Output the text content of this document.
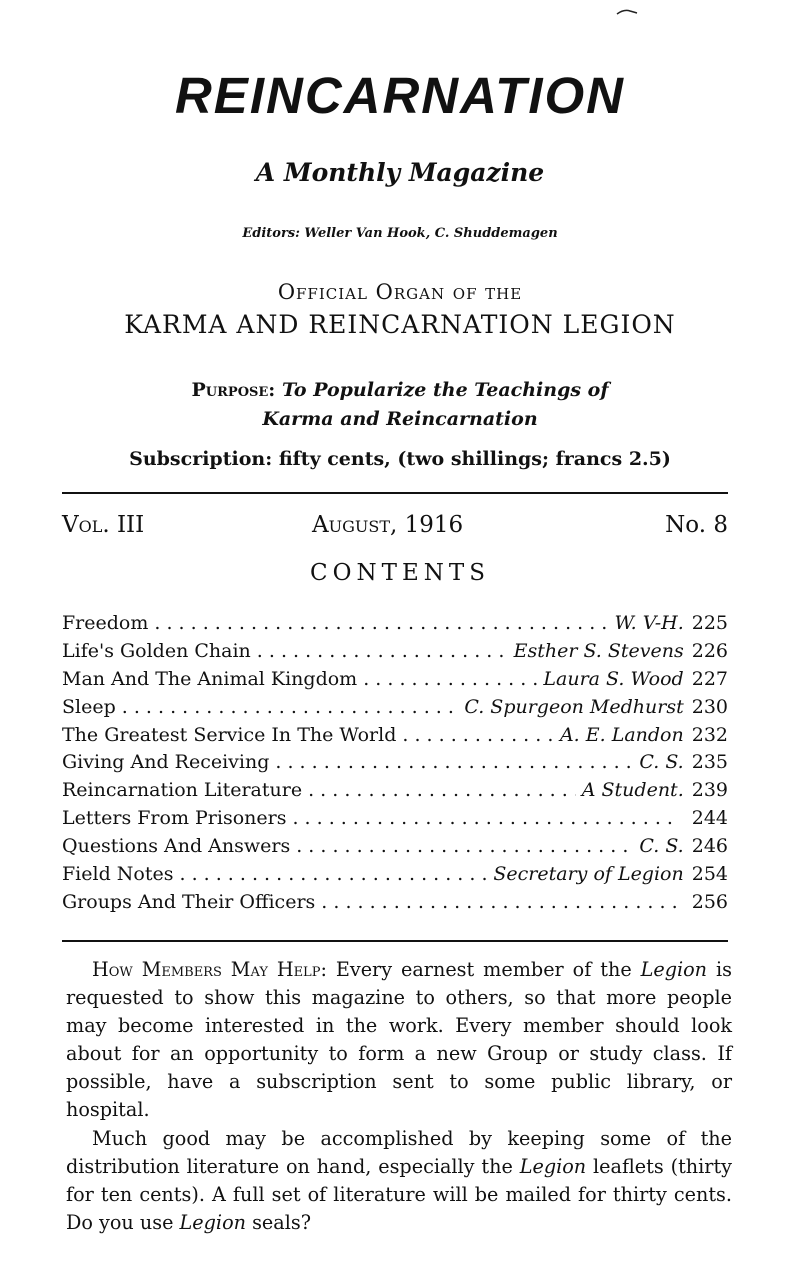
REINCARNATION
A Monthly Magazine
Editors: Weller Van Hook, C. Shuddemagen
Official Organ of the
KARMA AND REINCARNATION LEGION
Purpose: To Popularize the Teachings of
Karma and Reincarnation
Subscription: fifty cents, (two shillings; francs 2.5)
Vol. III	August, 1916	No. 8
CONTENTS
Freedom . . .	W. V-H. 225
Life's Golden Chain . . .	Esther S. Stevens 226
Man And The Animal Kingdom . . .	Laura S. Wood 227
Sleep . . .	C. Spurgeon Medhurst 230
The Greatest Service In The World . . .	A. E. Landon 232
Giving And Receiving . . .	C. S. 235
Reincarnation Literature . . .	A Student. 239
Letters From Prisoners . . .	244
Questions And Answers . . .	C. S. 246
Field Notes . . .	Secretary of Legion 254
Groups And Their Officers . . .	256

How Members May Help: Every earnest member of the Legion is requested to show this magazine to others, so that more people may become interested in the work. Every member should look about for an opportunity to form a new Group or study class. If possible, have a subscription sent to some public library, or hospital.

Much good may be accomplished by keeping some of the distribution literature on hand, especially the Legion leaflets (thirty for ten cents). A full set of literature will be mailed for thirty cents. Do you use Legion seals?
